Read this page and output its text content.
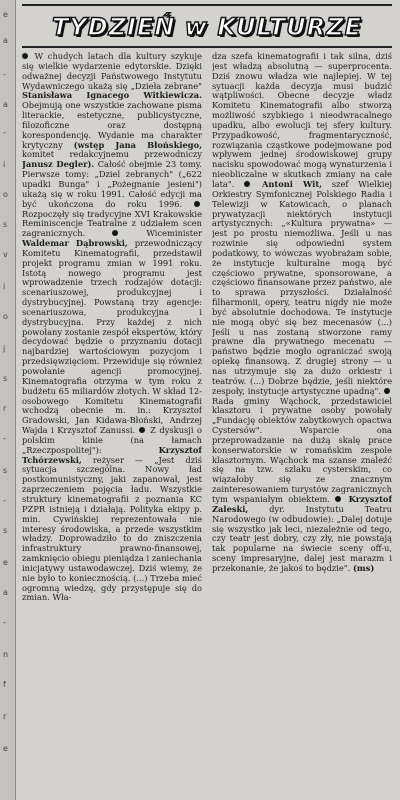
e
a
-
a
-
i
o
s
v
i
o
j
s
r
-
s
-
s
e
a
-
n
f
r
e
TYDZIEŃ w KULTURZE

W chudych latach dla kultury szykuje się wielkie wydarzenie edytorskie. Dzięki odważnej decyzji Państwowego Instytutu Wydawniczego ukażą się „Dzieła zebrane" Stanisława Ignacego Witkiewicza. Obejmują one wszystkie zachowane pisma literackie, estetyczne, publicystyczne, filozoficzne oraz dostępną korespondencję. Wydanie ma charakter krytyczny (wstęp Jana Błońskiego, komitet redakcyjnemu przewodniczy Janusz Degler). Całość obejmie 23 tomy. Pierwsze tomy: „Dziel zebranych" („622 upadki Bunga" i „Pożegnanie jesieni") ukażą się w roku 1991. Całość edycji ma być ukończona do roku 1996.  Rozpoczęły się tradycyjne XVI Krakowskie Reminiscencje Teatralne z udziałem scen zagranicznych.	Wiceminister Waldemar Dąbrowski, przewodniczący Komitetu Kinematografii, przedstawił projekt programu zmian w 1991 roku. Istotą nowego programu jest wprowadzenie trzech rodzajów dotacji: scenariuszowej, produkcyjnej i dystrybucyjnej. Powstaną trzy agencje: scenariuszowa, produkcyjna i dystrybucyjna. Przy każdej z nich powołany zostanie zespół ekspertów, który decydować będzie o przyznaniu dotacji najbardziej wartościowym pozycjom i przedsięwzięciom. Przewiduje się również powołanie agencji promocyjnej. Kinematografia otrzyma w tym roku z budżetu 65 miliardów złotych. W skład 12-osobowego Komitetu Kinematografii wchodzą obecnie m. in.: Krzysztof Gradowski, Jan Kidawa-Błoński, Andrzej Wajda i Krzysztof Zanussi. Z dyskusji o polskim kinie (na łamach „Rzeczpospolitej"):	Krzysztof Tchórzewski, reżyser — „Jest dziś sytuacja szczególna. Nowy ład postkomunistyczny, jaki zapanował, jest zaprzeczeniem pojęcia ładu. Wszystkie struktury kinematografii z poznania KC PZPR istnieją i działają. Polityka ekipy p. min. Cywińskiej reprezentowała nie interesy środowiska, a przede wszystkim władzy. Doprowadziło to do zniszczenia infrastruktury prawno-finansowej, zamknięcio obiegu pieniądza i zaniechania inicjatywy ustawodawczej. Dziś wiemy, że nie było to koniecznością. (...) Trzeba mieć ogromną wiedzę, gdy przystępuje się do zmian. Wła-

dza szefa kinematografii i tak silna, dziś jest władzą absolutną — superprocenta. Dziś znowu władza wie najlepiej. W tej sytuacji każda decyzja musi budzić wątpliwości. Obecne decyzje władz Komitetu Kinematografii albo stworzą możliwość szybkiego i nieodwracalnego upadku, albo ewolucji tej sfery kultury. Przypadkowość, fragmentaryczność, rozwiązania cząstkowe podejmowane pod wpływem jednej środowiskowej grupy nacisku spowodować mogą wynaturzenia i nieobliczalne w skutkach zmiany na całe lata".	Antoni Wit, szef Wielkiej Orkiestry Symfonicznej Polskiego Radia i Telewizji w Katowicach, o planach prywatyzacji niektórych instytucji artystycznych: „«Kultura prywatna» — jest po prostu niemożliwa. Jeśli u nas rozwinie się odpowiedni system podatkowy, to wówczas wyobrażam sobie, że instytucje kulturalne mogą być częściowo prywatne, sponsorowane, a częściowo finansowane przez państwo, ale to sprawa przyszłości. Działalność filharmonii, opery, teatru nigdy nie może być absolutnie dochodowa. Te instytucje nie mogą obyć się bez mecenasów (...) Jeśli u nas zostaną stworzone ramy prawne dla prywatnego mecenatu — państwo będzie mogło ograniczać swoją opiekę finansową. Z drugiej strony — u nas utrzymuje się za dużo orkiestr i teatrów. (...) Dobrze będzie, jeśli niektóre zespoły, instytucje artystyczne upadną".  Rada gminy Wąchock, przedstawiciel klasztoru i prywatne osoby powołały „Fundację obiektów zabytkowych opactwa Cystersów". Wsparcie ona przeprowadzanie na dużą skalę prace konserwatorskie w romańskim zespole klasztornym. Wąchock ma szanse znaleźć się na tzw. szlaku cysterskim, co wiązałoby się ze znacznym zainteresowaniem turystów zagranicznych tym wspaniałym obiektem. Krzysztof Zaleski,	dyr. Instytutu Teatru Narodowego (w odbudowie): „Dalej dotuje się wszystko jak leci, niezależnie od tego, czy teatr jest dobry, czy zły, nie powstają tak popularne na świecie sceny off-u, sceny impresaryjne, dalej jest marazm i przekonanie, że jakoś to będzie". (ms)
